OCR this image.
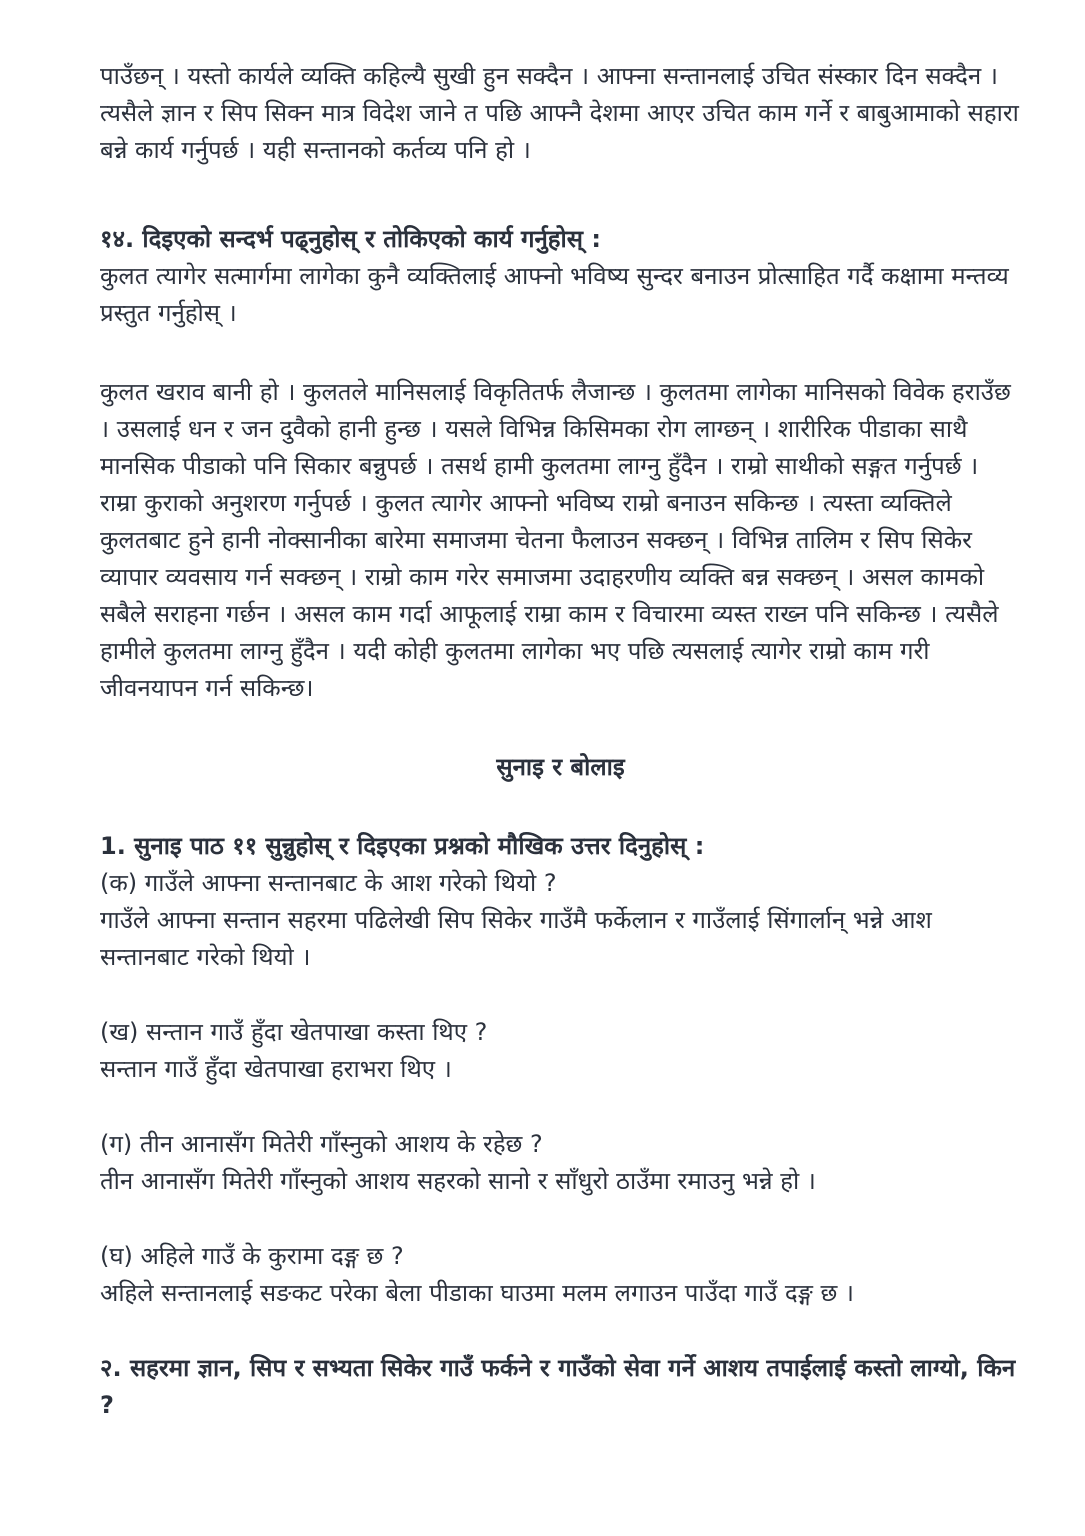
पाउँछन् । यस्तो कार्यले व्यक्ति कहिल्यै सुखी हुन सक्दैन । आफ्ना सन्तानलाई उचित संस्कार दिन सक्दैन । त्यसैले ज्ञान र सिप सिक्न मात्र विदेश जाने त पछि आफ्नै देशमा आएर उचित काम गर्ने र बाबुआमाको सहारा बन्ने कार्य गर्नुपर्छ । यही सन्तानको कर्तव्य पनि हो ।

१४. दिइएको सन्दर्भ पढ्नुहोस् र तोकिएको कार्य गर्नुहोस् :

कुलत त्यागेर सत्मार्गमा लागेका कुनै व्यक्तिलाई आफ्नो भविष्य सुन्दर बनाउन प्रोत्साहित गर्दै कक्षामा मन्तव्य प्रस्तुत गर्नुहोस् ।

कुलत खराव बानी हो । कुलतले मानिसलाई विकृतितर्फ लैजान्छ । कुलतमा लागेका मानिसको विवेक हराउँछ । उसलाई धन र जन दुवैको हानी हुन्छ । यसले विभिन्न किसिमका रोग लाग्छन् । शारीरिक पीडाका साथै मानसिक पीडाको पनि सिकार बन्नुपर्छ । तसर्थ हामी कुलतमा लाग्नु हुँदैन । राम्रो साथीको सङ्गत गर्नुपर्छ । राम्रा कुराको अनुशरण गर्नुपर्छ । कुलत त्यागेर आफ्नो भविष्य राम्रो बनाउन सकिन्छ । त्यस्ता व्यक्तिले कुलतबाट हुने हानी नोक्सानीका बारेमा समाजमा चेतना फैलाउन सक्छन् । विभिन्न तालिम र सिप सिकेर व्यापार व्यवसाय गर्न सक्छन् । राम्रो काम गरेर समाजमा उदाहरणीय व्यक्ति बन्न सक्छन् । असल कामको सबैले सराहना गर्छन । असल काम गर्दा आफूलाई राम्रा काम र विचारमा व्यस्त राख्न पनि सकिन्छ । त्यसैले हामीले कुलतमा लाग्नु हुँदैन । यदी कोही कुलतमा लागेका भए पछि त्यसलाई त्यागेर राम्रो काम गरी जीवनयापन गर्न सकिन्छ।

सुनाइ र बोलाइ

1. सुनाइ पाठ ११ सुन्नुहोस् र दिइएका प्रश्नको मौखिक उत्तर दिनुहोस् :

(क) गाउँले आफ्ना सन्तानबाट के आश गरेको थियो ?

गाउँले आफ्ना सन्तान सहरमा पढिलेखी सिप सिकेर गाउँमै फर्केलान र गाउँलाई सिंगार्लान् भन्ने आश सन्तानबाट गरेको थियो ।

(ख) सन्तान गाउँ हुँदा खेतपाखा कस्ता थिए ?

सन्तान गाउँ हुँदा खेतपाखा हराभरा थिए ।

(ग) तीन आनासँग मितेरी गाँस्नुको आशय के रहेछ ?

तीन आनासँग मितेरी गाँस्नुको आशय सहरको सानो र साँधुरो ठाउँमा रमाउनु भन्ने हो ।

(घ) अहिले गाउँ के कुरामा दङ्ग छ ?

अहिले सन्तानलाई सङकट परेका बेला पीडाका घाउमा मलम लगाउन पाउँदा गाउँ दङ्ग छ ।

२. सहरमा ज्ञान, सिप र सभ्यता सिकेर गाउँ फर्कने र गाउँको सेवा गर्ने आशय तपाईलाई कस्तो लाग्यो, किन ?
